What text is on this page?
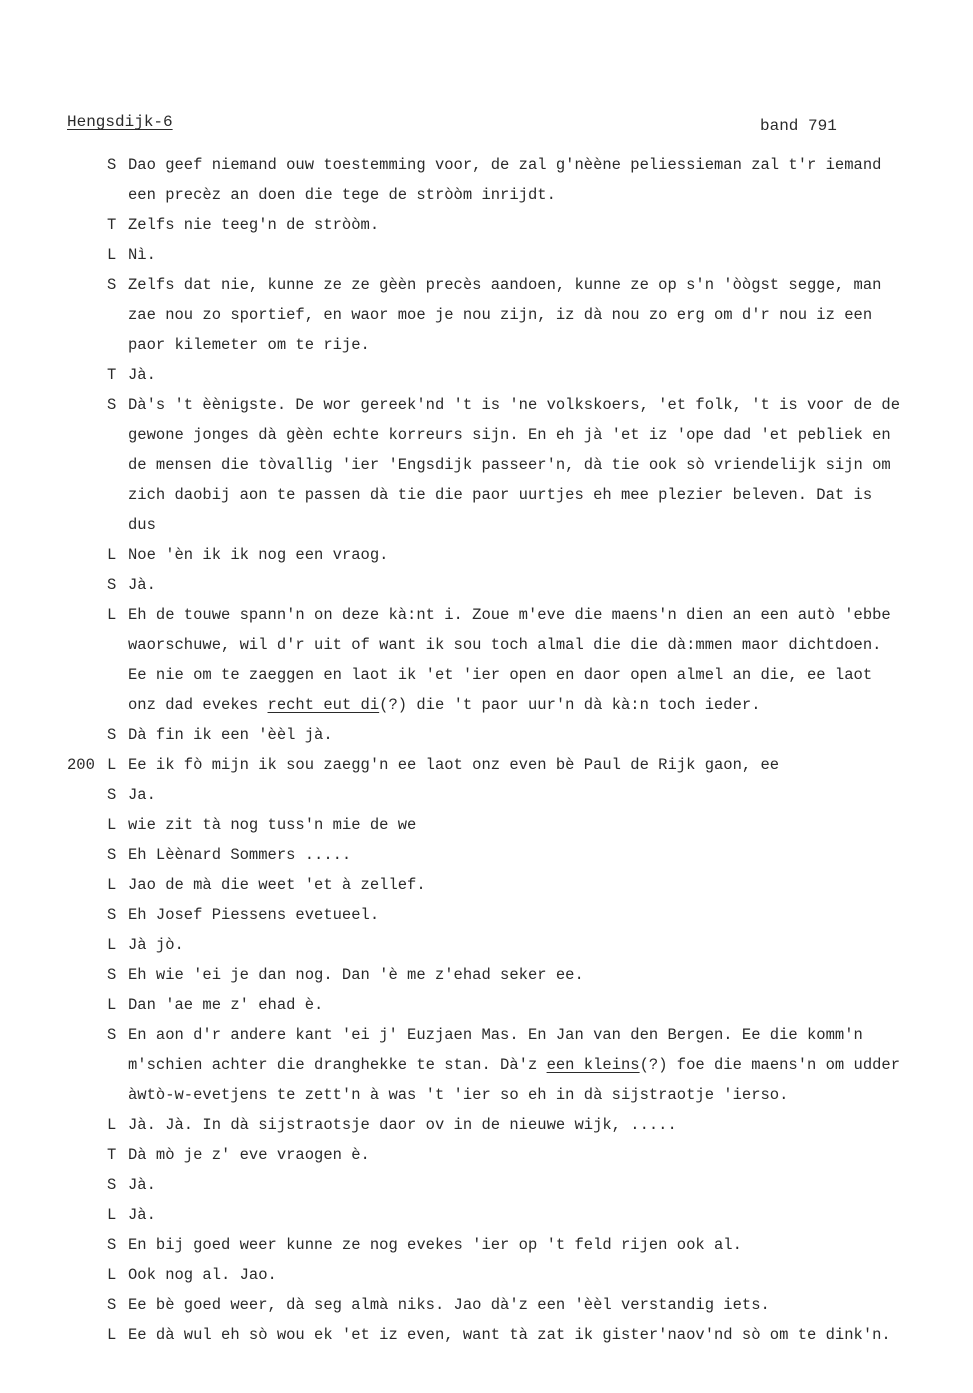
Hengsdijk-6	band 791
S Dao geef niemand ouw toestemming voor, de zal g'nèène peliessieman zal t'r iemand
een precèz an doen die tege de stròòm inrijdt.
T Zelfs nie teeg'n de stròòm.
L Nì.
S Zelfs dat nie, kunne ze ze gèèn precès aandoen, kunne ze op s'n 'òògst segge, man
zae nou zo sportief, en waor moe je nou zijn, iz dà nou zo erg om d'r nou iz een
paor kilemeter om te rije.
T Jà.
S Dà's 't èènigste. De wor gereek'nd 't is 'ne volkskoers, 'et folk, 't is voor de de
gewone jonges dà gèèn echte korreurs sijn. En eh jà 'et iz 'ope dad 'et pebliek en
de mensen die tòvallig 'ier 'Engsdijk passeer'n, dà tie ook sò vriendelijk sijn om
zich daobij aon te passen dà tie die paor uurtjes eh mee plezier beleven. Dat is
dus
L Noe 'èn ik ik nog een vraog.
S Jà.
L Eh de touwe spann'n on deze kà:nt i. Zoue m'eve die maens'n dien an een autò 'ebbe
waorschuwe, wil d'r uit of want ik sou toch almal die die dà:mmen maor dichtdoen.
Ee nie om te zaeggen en laot ik 'et 'ier open en daor open almel an die, ee laot
onz dad evekes recht eut di(?) die 't paor uur'n dà kà:n toch ieder.
S Dà fin ik een 'èèl jà.
L
200 Ee ik fò mijn ik sou zaegg'n ee laot onz even bè Paul de Rijk gaon, ee
S Ja.
L wie zit tà nog tuss'n mie de we
S Eh Lèènard Sommers .....
L Jao de mà die weet 'et à zellef.
S Eh Josef Piessens evetueel.
L Jà jò.
S Eh wie 'ei je dan nog. Dan 'è me z'ehad seker ee.
L Dan 'ae me z' ehad è.
S En aon d'r andere kant 'ei j' Euzjaen Mas. En Jan van den Bergen. Ee die komm'n
m'schien achter die dranghekke te stan. Dà'z een kleins(?) foe die maens'n om udder
àwtò-w-evetjens te zett'n à was 't 'ier so eh in dà sijstraotje 'ierso.
L Jà. Jà. In dà sijstraotsje daor ov in de nieuwe wijk, .....
T Dà mò je z' eve vraogen è.
S Jà.
L Jà.
S En bij goed weer kunne ze nog evekes 'ier op 't feld rijen ook al.
L Ook nog al. Jao.
S Ee bè goed weer, dà seg almà niks. Jao dà'z een 'èèl verstandig iets.
L Ee dà wul eh sò wou ek 'et iz even, want tà zat ik gister'naov'nd sò om te dink'n.
